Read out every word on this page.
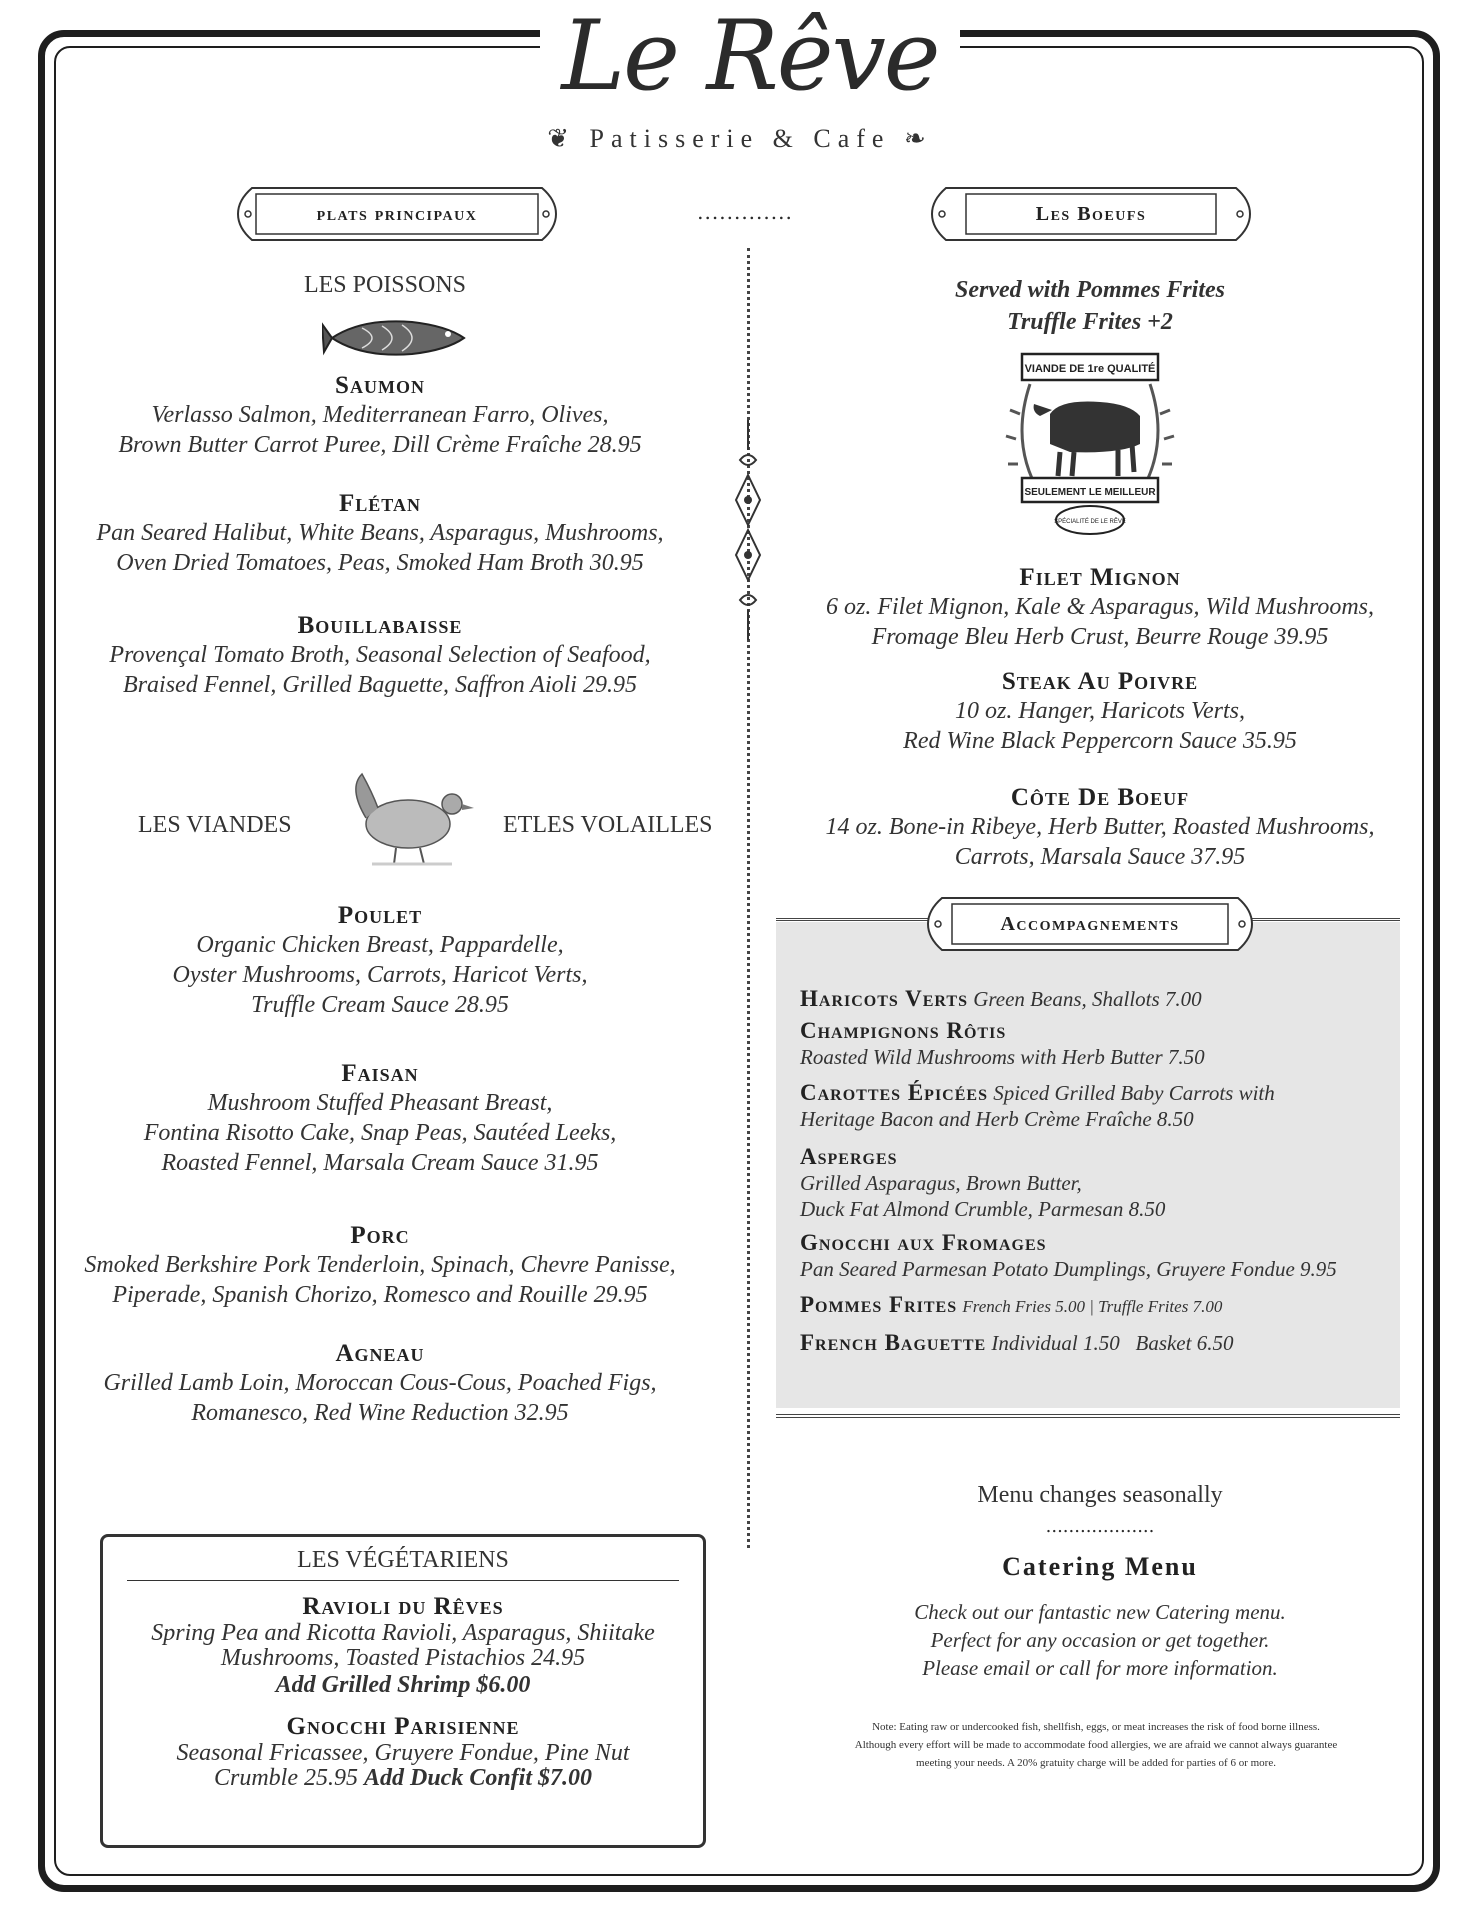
Le Rêve
❦ Patisserie & Cafe ❧
plats principaux	.............	Les Boeufs
LES POISSONS
Saumon
Verlasso Salmon, Mediterranean Farro, Olives,
Brown Butter Carrot Puree, Dill Crème Fraîche 28.95
Flétan
Pan Seared Halibut, White Beans, Asparagus, Mushrooms,
Oven Dried Tomatoes, Peas, Smoked Ham Broth 30.95
Bouillabaisse
Provençal Tomato Broth, Seasonal Selection of Seafood,
Braised Fennel, Grilled Baguette, Saffron Aioli 29.95
LES VIANDES	ETLES VOLAILLES
Poulet
Organic Chicken Breast, Pappardelle,
Oyster Mushrooms, Carrots, Haricot Verts,
Truffle Cream Sauce 28.95
Faisan
Mushroom Stuffed Pheasant Breast,
Fontina Risotto Cake, Snap Peas, Sautéed Leeks,
Roasted Fennel, Marsala Cream Sauce 31.95
Porc
Smoked Berkshire Pork Tenderloin, Spinach, Chevre Panisse,
Piperade, Spanish Chorizo, Romesco and Rouille 29.95
Agneau
Grilled Lamb Loin, Moroccan Cous-Cous, Poached Figs,
Romanesco, Red Wine Reduction 32.95
LES VÉGÉTARIENS
Ravioli du Rêves
Spring Pea and Ricotta Ravioli, Asparagus, Shiitake
Mushrooms, Toasted Pistachios 24.95
Add Grilled Shrimp $6.00
Gnocchi Parisienne
Seasonal Fricassee, Gruyere Fondue, Pine Nut
Crumble 25.95 Add Duck Confit $7.00
Served with Pommes Frites
Truffle Frites +2
VIANDE DE 1re QUALITÉ
SEULEMENT LE MEILLEUR
SPÉCIALITÉ DE LE RÊVE
Filet Mignon
6 oz. Filet Mignon, Kale & Asparagus, Wild Mushrooms,
Fromage Bleu Herb Crust, Beurre Rouge 39.95
Steak Au Poivre
10 oz. Hanger, Haricots Verts,
Red Wine Black Peppercorn Sauce 35.95
Côte De Boeuf
14 oz. Bone-in Ribeye, Herb Butter, Roasted Mushrooms,
Carrots, Marsala Sauce 37.95
Accompagnements
Haricots Verts Green Beans, Shallots 7.00
Champignons Rôtis
Roasted Wild Mushrooms with Herb Butter 7.50
Carottes Épicées Spiced Grilled Baby Carrots with
Heritage Bacon and Herb Crème Fraîche 8.50
Asperges
Grilled Asparagus, Brown Butter,
Duck Fat Almond Crumble, Parmesan 8.50
Gnocchi aux Fromages
Pan Seared Parmesan Potato Dumplings, Gruyere Fondue 9.95
Pommes Frites French Fries 5.00 | Truffle Frites 7.00
French Baguette Individual 1.50   Basket 6.50
Menu changes seasonally
...................
Catering Menu
Check out our fantastic new Catering menu.
Perfect for any occasion or get together.
Please email or call for more information.
Note: Eating raw or undercooked fish, shellfish, eggs, or meat increases the risk of food borne illness.
Although every effort will be made to accommodate food allergies, we are afraid we cannot always guarantee
meeting your needs. A 20% gratuity charge will be added for parties of 6 or more.
